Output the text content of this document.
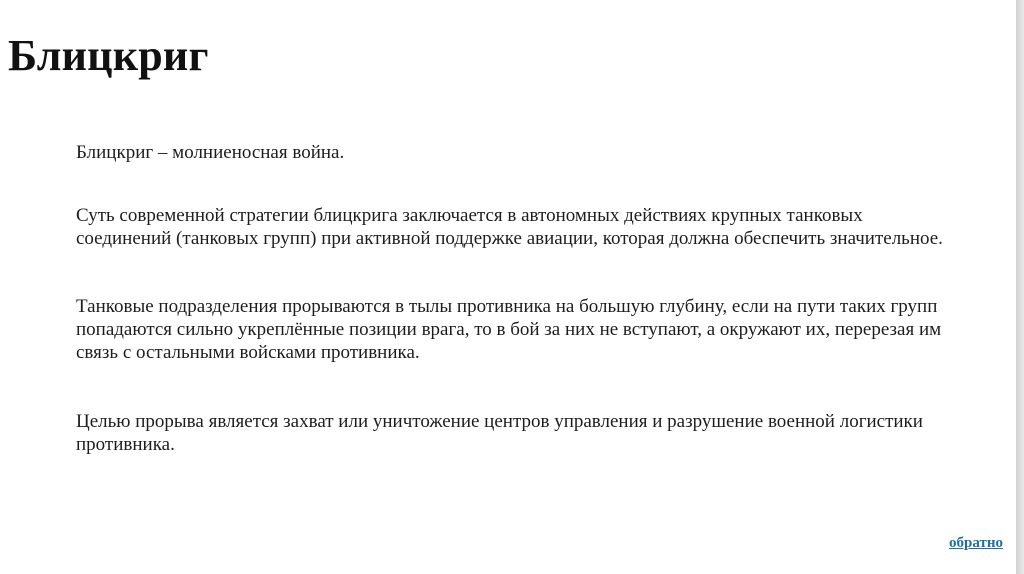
Блицкриг

Блицкриг – молниеносная война.

Суть современной стратегии блицкрига заключается в автономных действиях крупных танковых соединений (танковых групп) при активной поддержке авиации, которая должна обеспечить значительное.

Танковые подразделения прорываются в тылы противника на большую глубину, если на пути таких групп попадаются сильно укреплённые позиции врага, то в бой за них не вступают, а окружают их, перерезая им связь с остальными войсками противника.

Целью прорыва является захват или уничтожение центров управления и разрушение военной логистики противника.

обратно
